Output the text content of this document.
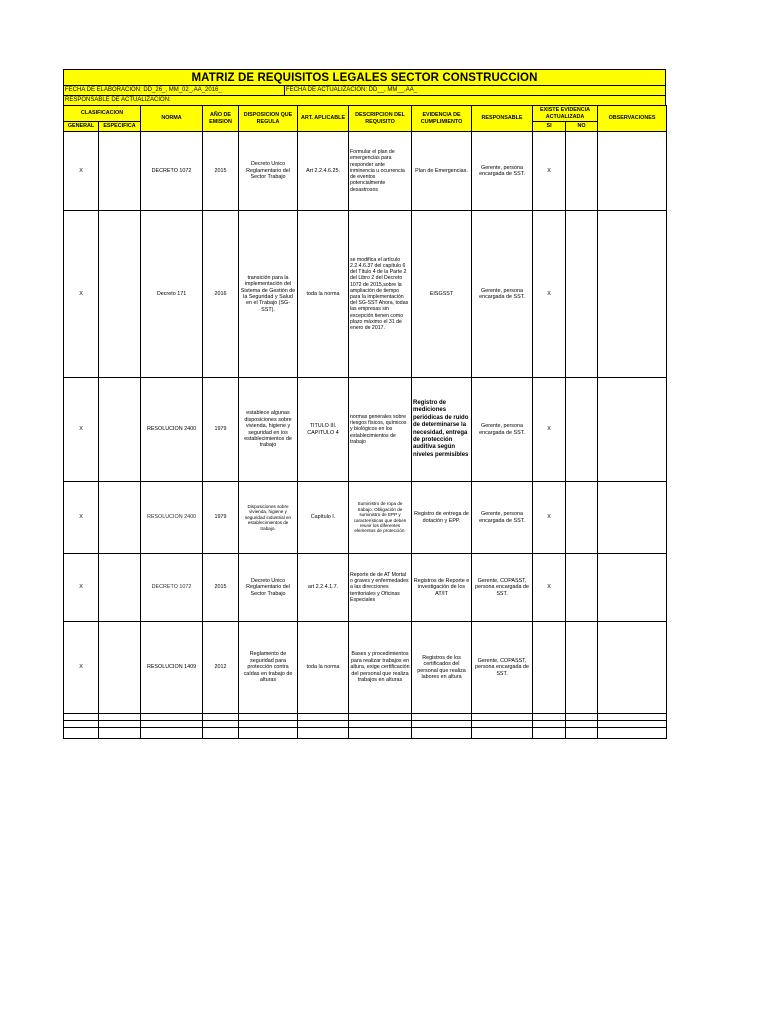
MATRIZ DE REQUISITOS LEGALES SECTOR CONSTRUCCION
FECHA DE ELABORACION: DD_26_, MM_02_,AA_2016_	FECHA DE ACTUALIZACION: DD__, MM__,AA_
RESPONSABLE DE ACTUALIZACION:
CLASIFICACION		NORMA	AÑO DE EMISION	DISPOSICION QUE REGULA	ART. APLICABLE	DESCRIPCION DEL REQUISITO	EVIDENCIA DE CUMPLIMIENTO	RESPONSABLE	EXISTE EVIDENCIA ACTUALIZADA		OBSERVACIONES
GENERAL	ESPECIFICA								SI	NO	
X		DECRETO 1072	2015	Decreto Unico Reglamentario del Sector Trabajo	Art 2.2.4.6.25.	Formular el plan de emergencias para responder ante inminencia u ocurrencia de eventos potencialmente desastrosos	Plan de Emergencias.	Gerente, persona encargada de SST.	X		
X		Decreto 171	2016	transición para la implementación del Sistema de Gestión de la Seguridad y Salud en el Trabajo (SG-SST).	toda la norma	se modifica el artículo 2.2.4.6.37 del capítulo 6 del Título 4 de la Parte 2 del Libro 2 del Decreto 1072 de 2015,sobre la ampliación de tiempo para la implementación del SG-SST Ahora, todas las empresas sin excepción tienen como plazo máximo el 31 de enero de 2017.	EISGSST	Gerente, persona encargada de SST.	X		
X		RESOLUCION 2400	1979	establece algunas disposiciones sobre vivienda, higiene y seguridad en los establecimientos de trabajo	TITULO III. CAPITULO 4	normas generales sobre riesgos físicos, químicos y biológicos en los establecimientos de trabajo	Registro de mediciones periódicas de ruido de determinarse la necesidad, entrega de protección auditiva según niveles permisibles	Gerente, persona encargada de SST.	X		
X		RESOLUCION 2400	1979	Disposiciones sobre vivienda, higiene y seguridad industrial en establecimientos de trabajo.	Capítulo I.	Suministro de ropa de trabajo. Obligación de suministro de EPP y características que deben reunir los diferentes elementos de protección.	Registro de entrega de dotación y EPP.	Gerente, persona encargada de SST.	X		
X		DECRETO 1072	2015	Decreto Unico Reglamentario del Sector Trabajo	art 2.2.4.1.7.	Reporte de de AT Mortal o graves y enfermedades a las direcciones territoriales y Oficinas Especiales	Registros de Reporte e investigación de los AT/IT	Gerente, COPASST, persona encargada de SST.	X		
X		RESOLUCION 1409	2012	Reglamento de seguridad para protección contra caídas en trabajo de alturas	toda la norma	Bases y procedimientos para realizar trabajos en altura, exige certificación del personal que realiza trabajos en alturas	Registros de los certificados del personal que realiza labores en altura	Gerente, COPASST, persona encargada de SST.			
